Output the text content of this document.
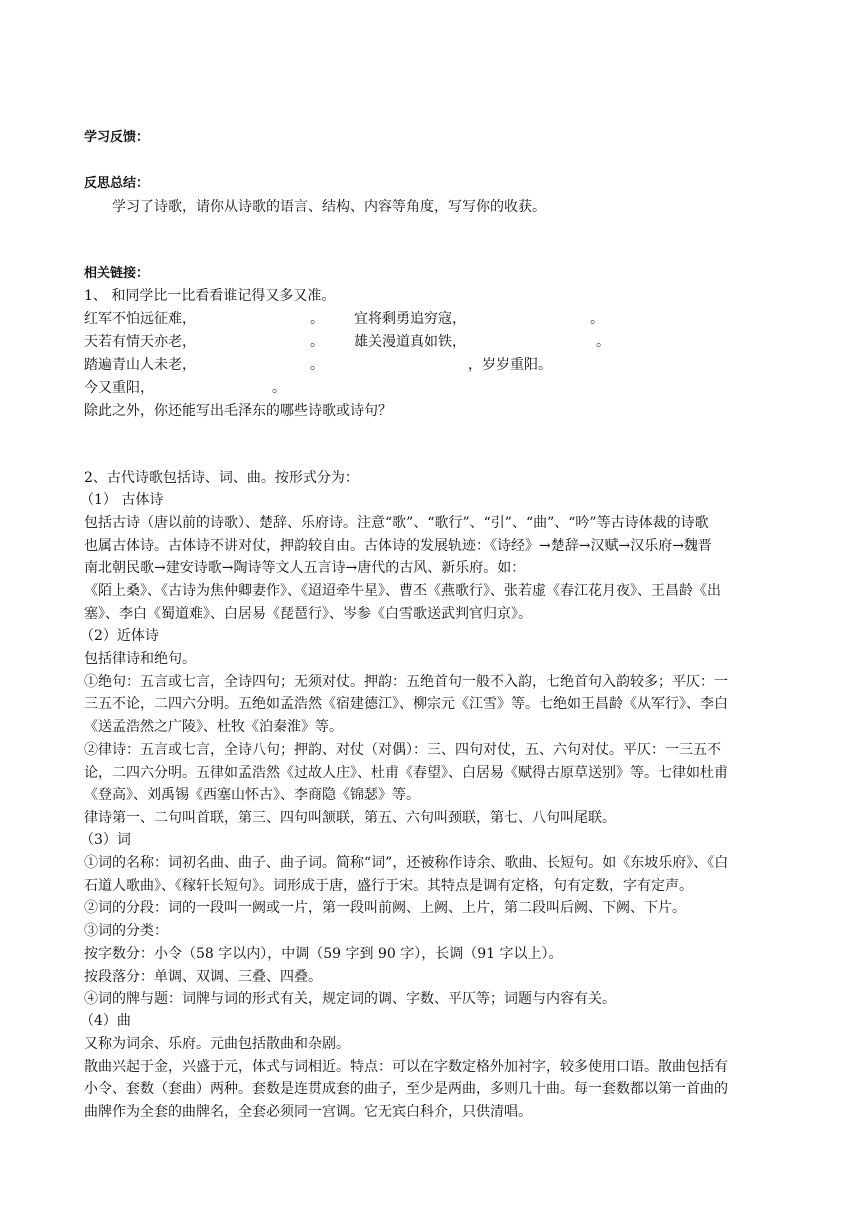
学习反馈：
反思总结：
学习了诗歌，请你从诗歌的语言、结构、内容等角度，写写你的收获。
相关链接：
1、 和同学比一比看看谁记得又多又准。
红军不怕远征难，	。 宜将剩勇追穷寇，	。
天若有情天亦老，	。 雄关漫道真如铁，	。
踏遍青山人未老，	。	，岁岁重阳。
今又重阳，	。
除此之外，你还能写出毛泽东的哪些诗歌或诗句？
2、古代诗歌包括诗、词、曲。按形式分为：
（1） 古体诗
包括古诗（唐以前的诗歌）、楚辞、乐府诗。注意“歌”、“歌行”、“引”、“曲”、“吟”等古诗体裁的诗歌
也属古体诗。古体诗不讲对仗，押韵较自由。古体诗的发展轨迹：《诗经》→楚辞→汉赋→汉乐府→魏晋
南北朝民歌→建安诗歌→陶诗等文人五言诗→唐代的古风、新乐府。如：
《陌上桑》、《古诗为焦仲卿妻作》、《迢迢牵牛星》、曹丕《燕歌行》、张若虚《春江花月夜》、王昌龄《出
塞》、李白《蜀道难》、白居易《琵琶行》、岑参《白雪歌送武判官归京》。
（2）近体诗
包括律诗和绝句。
①绝句：五言或七言，全诗四句；无须对仗。押韵：五绝首句一般不入韵，七绝首句入韵较多；平仄：一
三五不论，二四六分明。五绝如孟浩然《宿建德江》、柳宗元《江雪》等。七绝如王昌龄《从军行》、李白
《送孟浩然之广陵》、杜牧《泊秦淮》等。
②律诗：五言或七言，全诗八句；押韵、对仗（对偶）：三、四句对仗，五、六句对仗。平仄：一三五不
论，二四六分明。五律如孟浩然《过故人庄》、杜甫《春望》、白居易《赋得古原草送别》等。七律如杜甫
《登高》、刘禹锡《西塞山怀古》、李商隐《锦瑟》等。
律诗第一、二句叫首联，第三、四句叫颔联，第五、六句叫颈联，第七、八句叫尾联。
（3）词
①词的名称：词初名曲、曲子、曲子词。简称“词”，还被称作诗余、歌曲、长短句。如《东坡乐府》、《白
石道人歌曲》、《稼轩长短句》。词形成于唐，盛行于宋。其特点是调有定格，句有定数，字有定声。
②词的分段：词的一段叫一阙或一片，第一段叫前阙、上阙、上片，第二段叫后阙、下阙、下片。
③词的分类：
按字数分：小令（58 字以内），中调（59 字到 90 字），长调（91 字以上）。
按段落分：单调、双调、三叠、四叠。
④词的牌与题：词牌与词的形式有关，规定词的调、字数、平仄等；词题与内容有关。
（4）曲
又称为词余、乐府。元曲包括散曲和杂剧。
散曲兴起于金，兴盛于元，体式与词相近。特点：可以在字数定格外加衬字，较多使用口语。散曲包括有
小令、套数（套曲）两种。套数是连贯成套的曲子，至少是两曲，多则几十曲。每一套数都以第一首曲的
曲牌作为全套的曲牌名，全套必须同一宫调。它无宾白科介，只供清唱。
